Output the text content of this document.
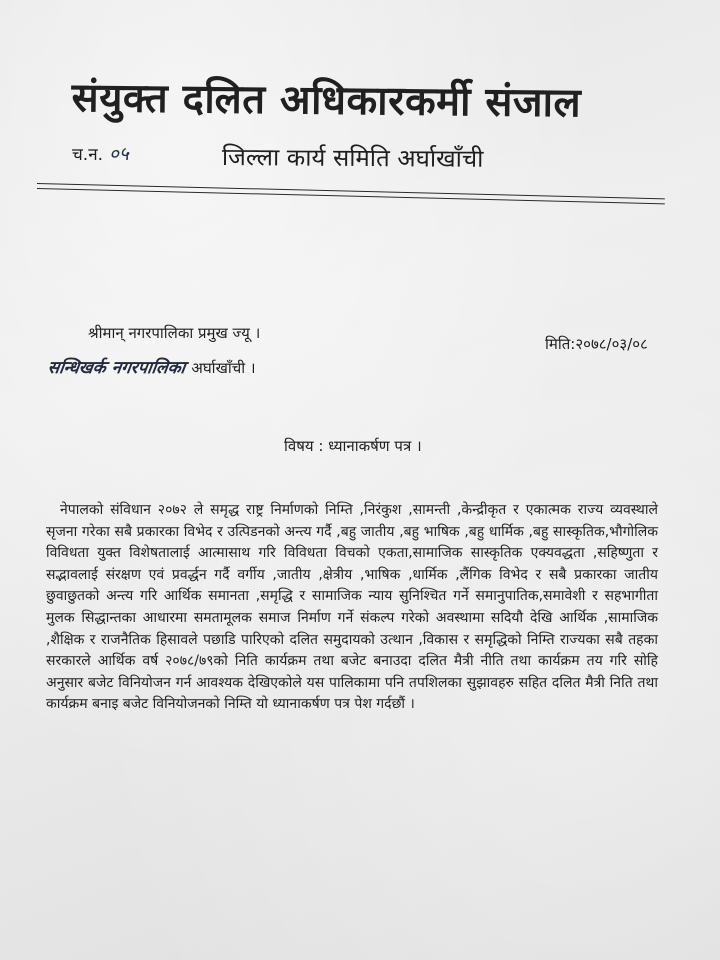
संयुक्त दलित अधिकारकर्मी संजाल
च.न. ०५	जिल्ला कार्य समिति अर्घाखाँची
श्रीमान् नगरपालिका प्रमुख ज्यू ।
मिति:२०७८/०३/०८
सन्धिखर्क नगरपालिका अर्घाखाँची ।
विषय : ध्यानाकर्षण पत्र ।
नेपालको संविधान २०७२ ले समृद्ध राष्ट्र निर्माणको निम्ति ,निरंकुश ,सामन्ती ,केन्द्रीकृत र एकात्मक राज्य व्यवस्थाले सृजना गरेका सबै प्रकारका विभेद र उत्पिडनको अन्त्य गर्दै ,बहु जातीय ,बहु भाषिक ,बहु धार्मिक ,बहु सास्कृतिक,भौगोलिक विविधता युक्त विशेषतालाई आत्मासाथ गरि विविधता विचको एकता,सामाजिक सास्कृतिक एक्यवद्धता ,सहिष्णुता र सद्भावलाई संरक्षण एवं प्रवर्द्धन गर्दै वर्गीय ,जातीय ,क्षेत्रीय ,भाषिक ,धार्मिक ,लैंगिक विभेद र सबै प्रकारका जातीय छुवाछुतको अन्त्य गरि आर्थिक समानता ,समृद्धि र सामाजिक न्याय सुनिश्चित गर्ने समानुपातिक,समावेशी र सहभागीता मुलक सिद्धान्तका आधारमा समतामूलक समाज निर्माण गर्ने संकल्प गरेको अवस्थामा सदियौ देखि आर्थिक ,सामाजिक ,शैक्षिक र राजनैतिक हिसावले पछाडि पारिएको दलित समुदायको उत्थान ,विकास र समृद्धिको निम्ति राज्यका सबै तहका सरकारले आर्थिक वर्ष २०७८/७९को निति कार्यक्रम तथा बजेट बनाउदा दलित मैत्री नीति तथा कार्यक्रम तय गरि सोहि अनुसार बजेट विनियोजन गर्न आवश्यक देखिएकोले यस पालिकामा पनि तपशिलका सुझावहरु सहित दलित मैत्री निति तथा कार्यक्रम बनाइ बजेट विनियोजनको निम्ति यो ध्यानाकर्षण पत्र पेश गर्दछौं ।
